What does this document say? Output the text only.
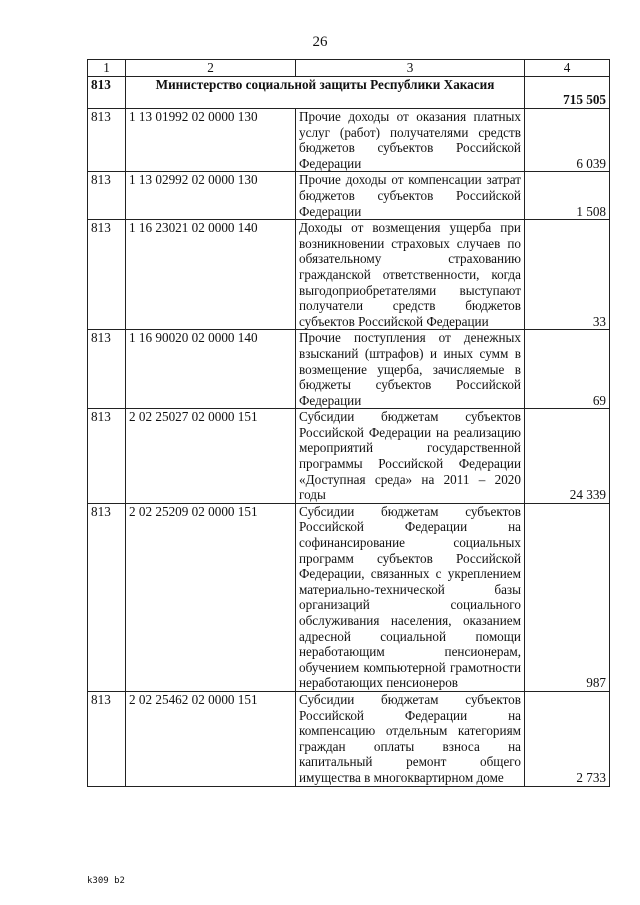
26
1	2	3	4
813	Министерство социальной защиты Республики Хакасия		715 505
813	1 13 01992 02 0000 130	Прочие доходы от оказания платных услуг (работ) получателями средств бюджетов субъектов Российской Федерации	6 039
813	1 13 02992 02 0000 130	Прочие доходы от компенсации затрат бюджетов субъектов Российской Федерации	1 508
813	1 16 23021 02 0000 140	Доходы от возмещения ущерба при возникновении страховых случаев по обязательному страхованию гражданской ответственности, когда выгодоприобретателями выступают получатели средств бюджетов субъектов Российской Федерации	33
813	1 16 90020 02 0000 140	Прочие поступления от денежных взысканий (штрафов) и иных сумм в возмещение ущерба, зачисляемые в бюджеты субъектов Российской Федерации	69
813	2 02 25027 02 0000 151	Субсидии бюджетам субъектов Российской Федерации на реализацию мероприятий государственной программы Российской Федерации «Доступная среда» на 2011 – 2020 годы	24 339
813	2 02 25209 02 0000 151	Субсидии бюджетам субъектов Российской Федерации на софинансирование социальных программ субъектов Российской Федерации, связанных с укреплением материально-технической базы организаций социального обслуживания населения, оказанием адресной социальной помощи неработающим пенсионерам, обучением компьютерной грамотности неработающих пенсионеров	987
813	2 02 25462 02 0000 151	Субсидии бюджетам субъектов Российской Федерации на компенсацию отдельным категориям граждан оплаты взноса на капитальный ремонт общего имущества в многоквартирном доме	2 733
k309 b2
